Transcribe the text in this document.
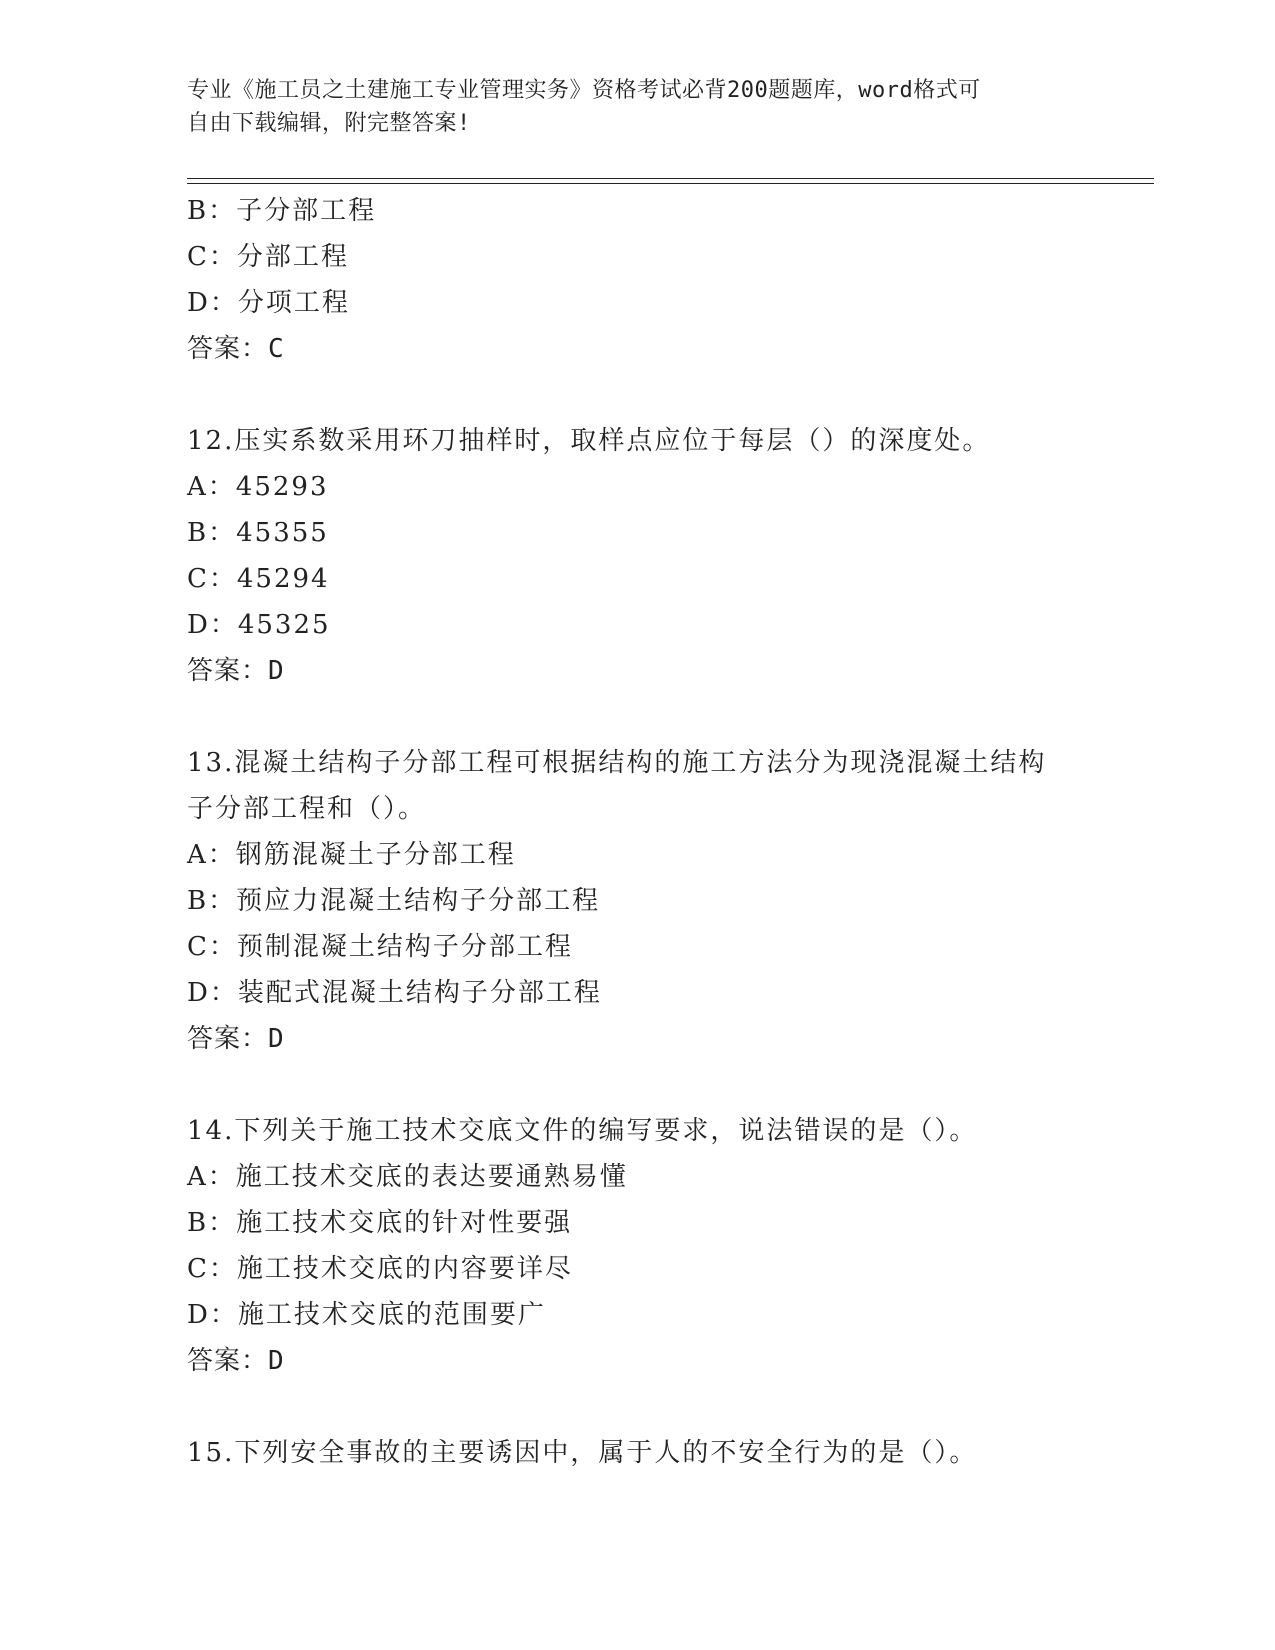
专业《施工员之土建施工专业管理实务》资格考试必背200题题库，word格式可
自由下载编辑，附完整答案!
B：子分部工程
C：分部工程
D：分项工程
答案：C
12.压实系数采用环刀抽样时，取样点应位于每层（）的深度处。
A：45293
B：45355
C：45294
D：45325
答案：D
13.混凝土结构子分部工程可根据结构的施工方法分为现浇混凝土结构
子分部工程和（）。
A：钢筋混凝土子分部工程
B：预应力混凝土结构子分部工程
C：预制混凝土结构子分部工程
D：装配式混凝土结构子分部工程
答案：D
14.下列关于施工技术交底文件的编写要求，说法错误的是（）。
A：施工技术交底的表达要通熟易懂
B：施工技术交底的针对性要强
C：施工技术交底的内容要详尽
D：施工技术交底的范围要广
答案：D
15.下列安全事故的主要诱因中，属于人的不安全行为的是（）。
